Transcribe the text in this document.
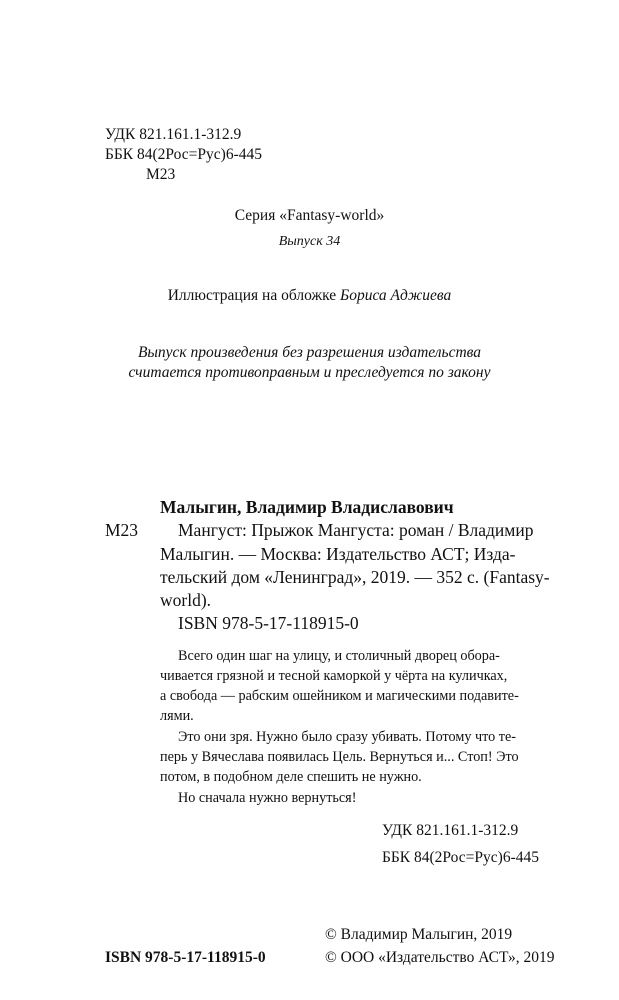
УДК 821.161.1-312.9
ББК 84(2Рос=Рус)6-445
М23
Серия «Fantasy-world»
Выпуск 34
Иллюстрация на обложке Бориса Аджиева
Выпуск произведения без разрешения издательства
считается противоправным и преследуется по закону
Малыгин, Владимир Владиславович
М23 Мангуст: Прыжок Мангуста: роман / Владимир
Малыгин. — Москва: Издательство АСТ; Изда-
тельский дом «Ленинград», 2019. — 352 с. (Fantasy-
world).
ISBN 978-5-17-118915-0
Всего один шаг на улицу, и столичный дворец обора-
чивается грязной и тесной каморкой у чёрта на куличках,
а свобода — рабским ошейником и магическими подавите-
лями.
Это они зря. Нужно было сразу убивать. Потому что те-
перь у Вячеслава появилась Цель. Вернуться и... Стоп! Это
потом, в подобном деле спешить не нужно.
Но сначала нужно вернуться!
УДК 821.161.1-312.9
ББК 84(2Рос=Рус)6-445
ISBN 978-5-17-118915-0
© Владимир Малыгин, 2019
© ООО «Издательство АСТ», 2019
